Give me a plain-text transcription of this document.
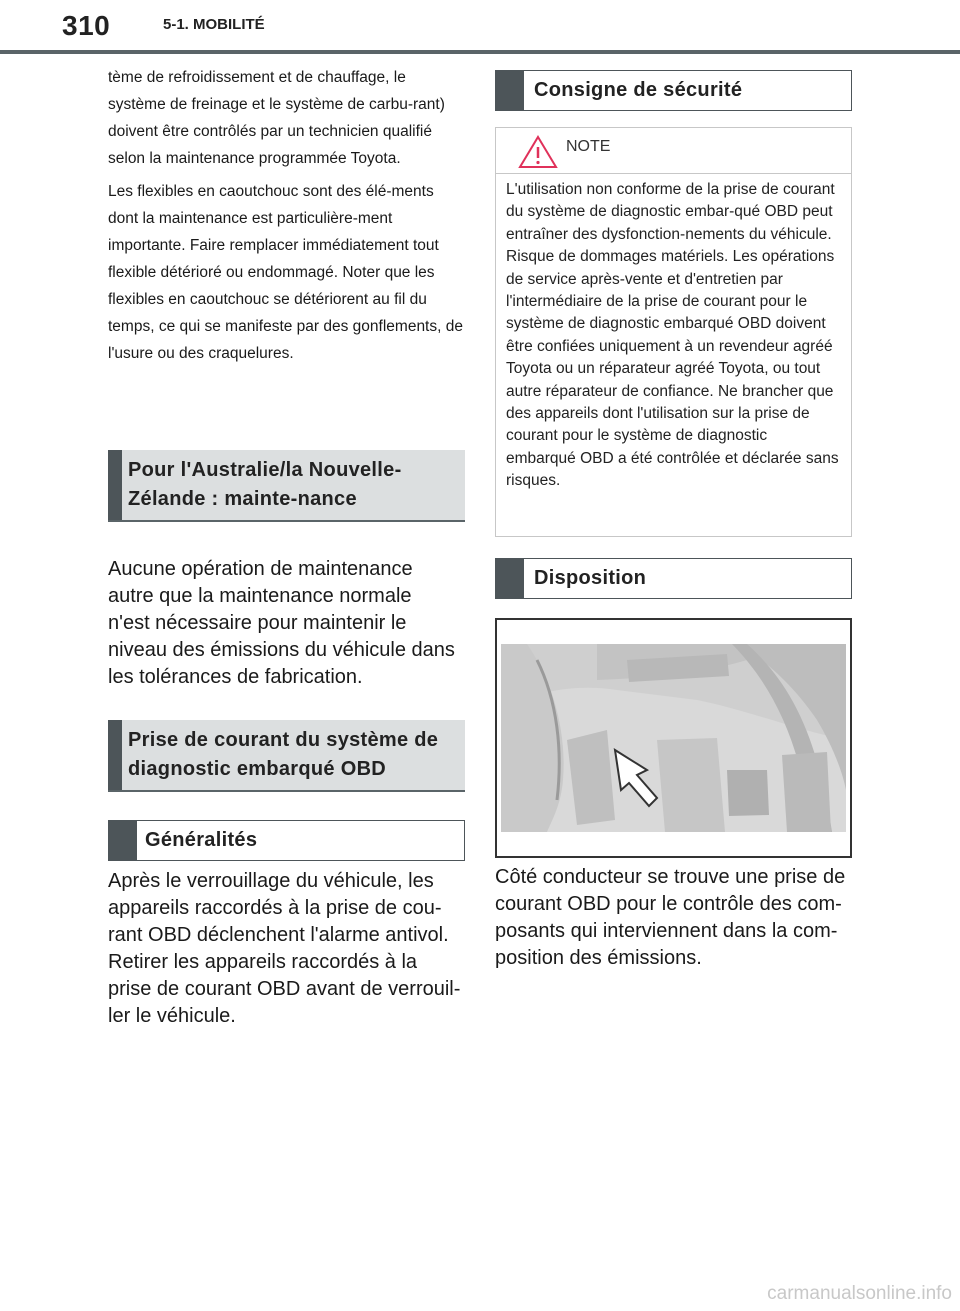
310	5-1. MOBILITÉ

tème de refroidissement et de chauffage, le système de freinage et le système de carbu-rant) doivent être contrôlés par un technicien qualifié selon la maintenance programmée Toyota.

Les flexibles en caoutchouc sont des élé-ments dont la maintenance est particulière-ment importante. Faire remplacer immédiatement tout flexible détérioré ou endommagé. Noter que les flexibles en caoutchouc se détériorent au fil du temps, ce qui se manifeste par des gonflements, de l'usure ou des craquelures.

Pour l'Australie/la Nouvelle-Zélande : mainte-nance

Aucune opération de maintenance autre que la maintenance normale n'est nécessaire pour maintenir le niveau des émissions du véhicule dans les tolérances de fabrication.

Prise de courant du système de diagnostic embarqué OBD
Généralités

Après le verrouillage du véhicule, les appareils raccordés à la prise de cou-rant OBD déclenchent l'alarme antivol. Retirer les appareils raccordés à la prise de courant OBD avant de verrouil-ler le véhicule.

Consigne de sécurité
NOTE
L'utilisation non conforme de la prise de courant du système de diagnostic embar-qué OBD peut entraîner des dysfonction-nements du véhicule. Risque de dommages matériels. Les opérations de service après-vente et d'entretien par l'intermédiaire de la prise de courant pour le système de diagnostic embarqué OBD doivent être confiées uniquement à un revendeur agréé Toyota ou un réparateur agréé Toyota, ou tout autre réparateur de confiance. Ne brancher que des appareils dont l'utilisation sur la prise de courant pour le système de diagnostic embarqué OBD a été contrôlée et déclarée sans risques.
Disposition

Côté conducteur se trouve une prise de courant OBD pour le contrôle des com-posants qui interviennent dans la com-position des émissions.

carmanualsonline.info
